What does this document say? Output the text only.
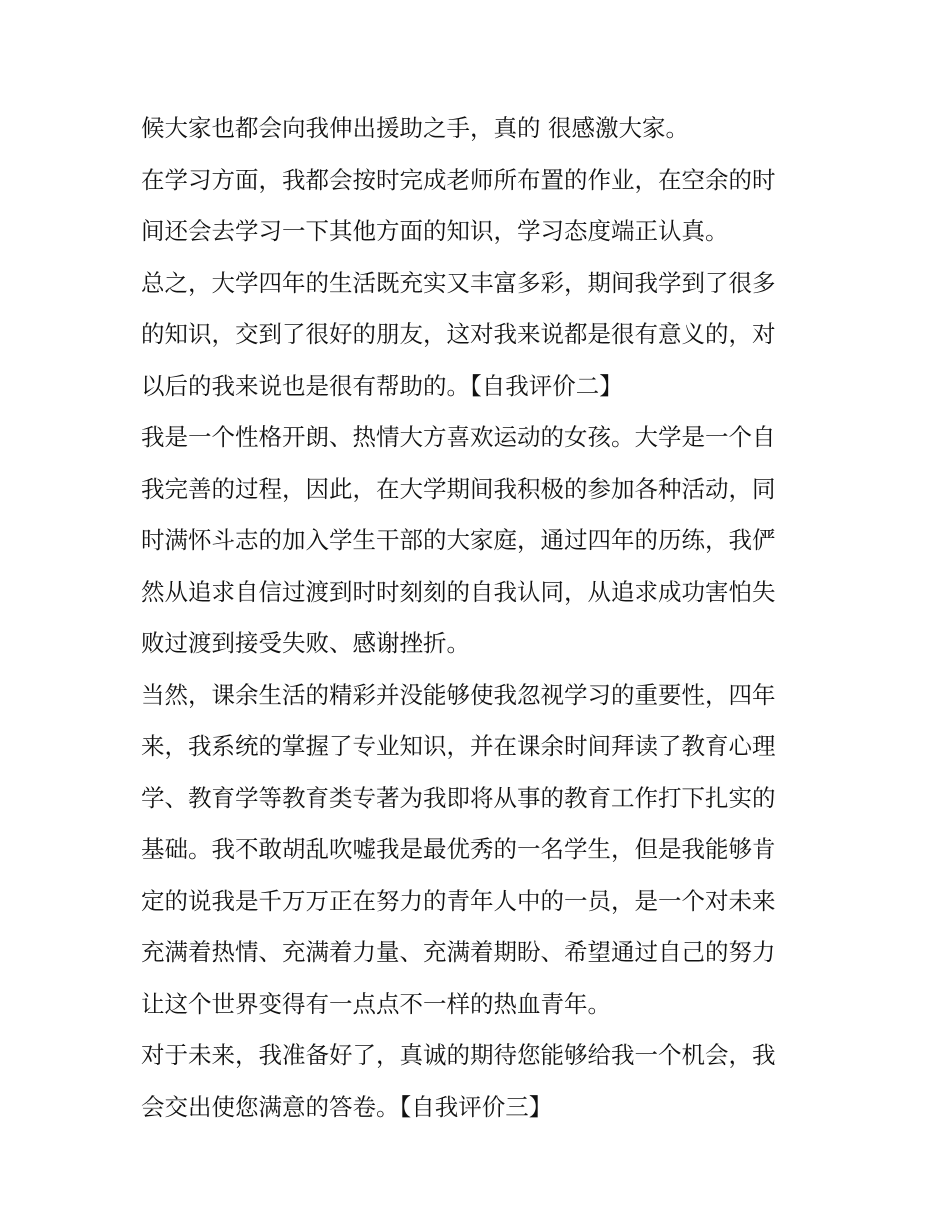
候大家也都会向我伸出援助之手，真的 很感激大家。
在学习方面，我都会按时完成老师所布置的作业，在空余的时
间还会去学习一下其他方面的知识，学习态度端正认真。
总之，大学四年的生活既充实又丰富多彩，期间我学到了很多
的知识，交到了很好的朋友，这对我来说都是很有意义的，对
以后的我来说也是很有帮助的。【自我评价二】
我是一个性格开朗、热情大方喜欢运动的女孩。大学是一个自
我完善的过程，因此，在大学期间我积极的参加各种活动，同
时满怀斗志的加入学生干部的大家庭，通过四年的历练，我俨
然从追求自信过渡到时时刻刻的自我认同，从追求成功害怕失
败过渡到接受失败、感谢挫折。
当然，课余生活的精彩并没能够使我忽视学习的重要性，四年
来，我系统的掌握了专业知识，并在课余时间拜读了教育心理
学、教育学等教育类专著为我即将从事的教育工作打下扎实的
基础。我不敢胡乱吹嘘我是最优秀的一名学生，但是我能够肯
定的说我是千万万正在努力的青年人中的一员，是一个对未来
充满着热情、充满着力量、充满着期盼、希望通过自己的努力
让这个世界变得有一点点不一样的热血青年。
对于未来，我准备好了，真诚的期待您能够给我一个机会，我
会交出使您满意的答卷。【自我评价三】
